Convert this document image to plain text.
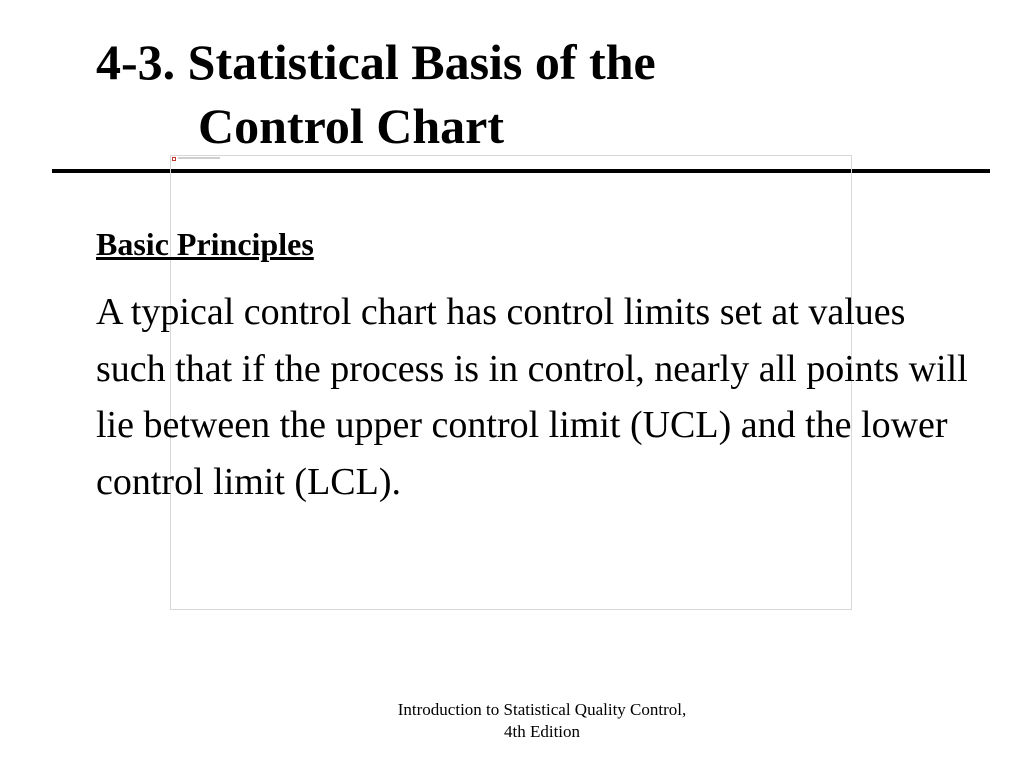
4-3. Statistical Basis of the
Control Chart
Basic Principles

A typical control chart has control limits set at values such that if the process is in control, nearly all points will lie between the upper control limit (UCL) and the lower control limit (LCL).

Introduction to Statistical Quality Control,
4th Edition
